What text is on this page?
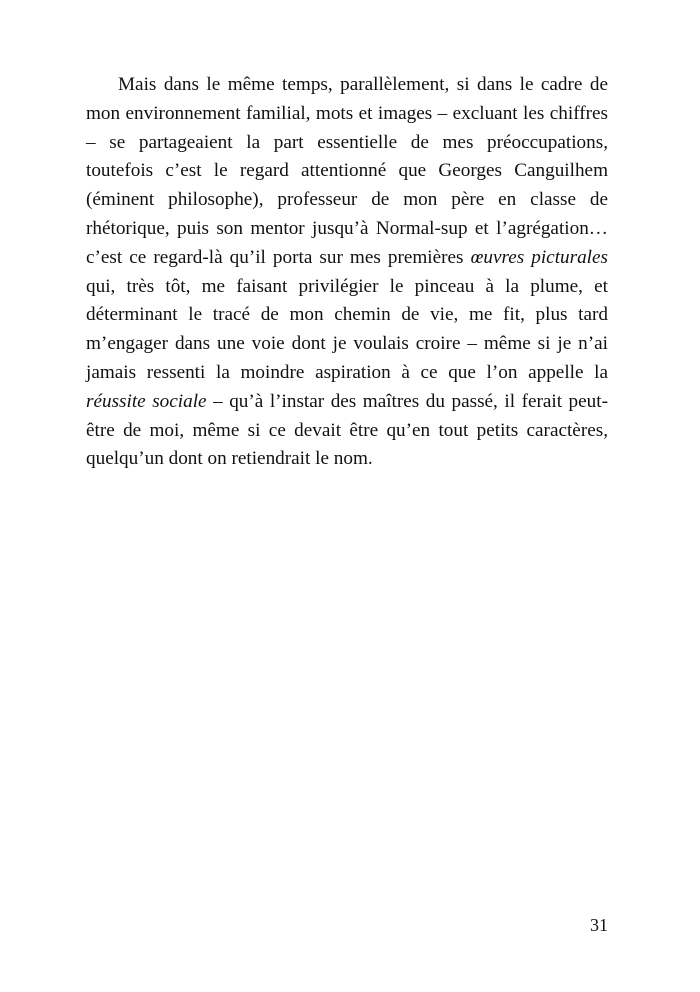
Mais dans le même temps, parallèlement, si dans le cadre de mon environnement familial, mots et images – excluant les chiffres – se partageaient la part essentielle de mes préoccupations, toutefois c’est le regard attentionné que Georges Canguilhem (éminent philosophe), professeur de mon père en classe de rhétorique, puis son mentor jusqu’à Normal-sup et l’agrégation… c’est ce regard-là qu’il porta sur mes premières œuvres picturales qui, très tôt, me faisant privilégier le pinceau à la plume, et déterminant le tracé de mon chemin de vie, me fit, plus tard m’engager dans une voie dont je voulais croire – même si je n’ai jamais ressenti la moindre aspiration à ce que l’on appelle la réussite sociale – qu’à l’instar des maîtres du passé, il ferait peut-être de moi, même si ce devait être qu’en tout petits caractères, quelqu’un dont on retiendrait le nom.

31
